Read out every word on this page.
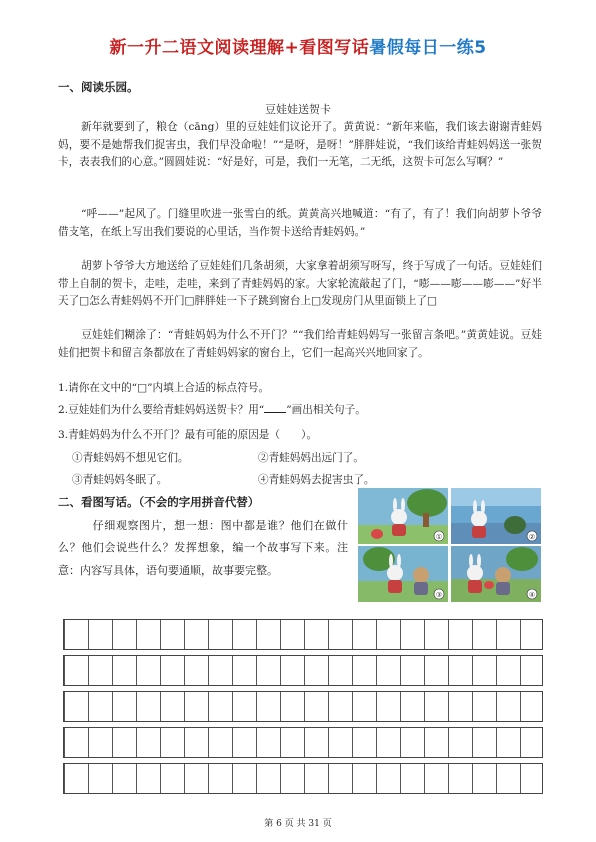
新一升二语文阅读理解+看图写话暑假每日一练5
一、阅读乐园。
豆娃娃送贺卡

新年就要到了，粮仓（cāng）里的豆娃娃们议论开了。黄黄说：“新年来临，我们该去谢谢青蛙妈妈，要不是她帮我们捉害虫，我们早没命啦！”“是呀，是呀！”胖胖娃说，“我们该给青蛙妈妈送一张贺卡，表表我们的心意。”圆圆娃说：“好是好，可是，我们一无笔，二无纸，这贺卡可怎么写啊？”

“呼——”起风了。门缝里吹进一张雪白的纸。黄黄高兴地喊道：“有了，有了！我们向胡萝卜爷爷借支笔，在纸上写出我们要说的心里话，当作贺卡送给青蛙妈妈。”

胡萝卜爷爷大方地送给了豆娃娃们几条胡须，大家拿着胡须写呀写，终于写成了一句话。豆娃娃们带上自制的贺卡，走哇，走哇，来到了青蛙妈妈的家。大家轮流敲起了门，“嘭——嘭——嘭——”好半天了□怎么青蛙妈妈不开门□胖胖娃一下子跳到窗台上□发现房门从里面锁上了□

豆娃娃们糊涂了：“青蛙妈妈为什么不开门？”“我们给青蛙妈妈写一张留言条吧。”黄黄娃说。豆娃娃们把贺卡和留言条都放在了青蛙妈妈家的窗台上，它们一起高兴兴地回家了。

1.请你在文中的“□”内填上合适的标点符号。
2.豆娃娃们为什么要给青蛙妈妈送贺卡？用“ ”画出相关句子。
3.青蛙妈妈为什么不开门？最有可能的原因是（　　）。
①青蛙妈妈不想见它们。	②青蛙妈妈出远门了。
③青蛙妈妈冬眠了。	④青蛙妈妈去捉害虫了。
二、看图写话。（不会的字用拼音代替）

仔细观察图片，想一想：图中都是谁？他们在做什么？他们会说些什么？发挥想象，编一个故事写下来。注意：内容写具体，语句要通顺，故事要完整。

①	②
③	④
第 6 页 共 31 页
